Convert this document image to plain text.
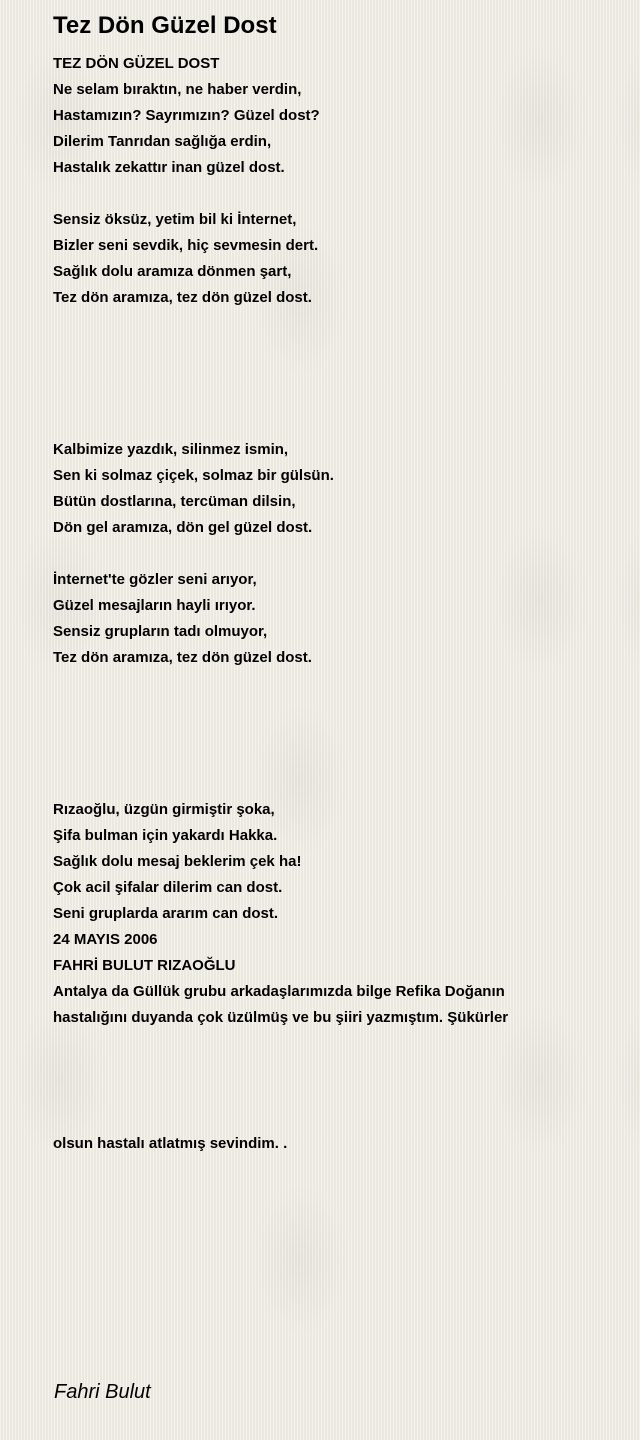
Tez Dön Güzel Dost
TEZ DÖN GÜZEL DOST
Ne selam bıraktın, ne haber verdin,
Hastamızın? Sayrımızın? Güzel dost?
Dilerim Tanrıdan sağlığa erdin,
Hastalık zekattır inan güzel dost.
Sensiz öksüz, yetim bil ki İnternet,
Bizler seni sevdik, hiç sevmesin dert.
Sağlık dolu aramıza dönmen şart,
Tez dön aramıza, tez dön güzel dost.
Kalbimize yazdık, silinmez ismin,
Sen ki solmaz çiçek, solmaz bir gülsün.
Bütün dostlarına, tercüman dilsin,
Dön gel aramıza, dön gel güzel dost.
İnternet'te gözler seni arıyor,
Güzel mesajların hayli ırıyor.
Sensiz grupların tadı olmuyor,
Tez dön aramıza, tez dön güzel dost.
Rızaoğlu, üzgün girmiştir şoka,
Şifa bulman için yakardı Hakka.
Sağlık dolu mesaj beklerim çek ha!
Çok acil şifalar dilerim can dost.
Seni gruplarda ararım can dost.
24 MAYIS 2006
FAHRİ BULUT RIZAOĞLU
Antalya da Güllük grubu arkadaşlarımızda bilge Refika Doğanın
hastalığını duyanda çok üzülmüş ve bu şiiri yazmıştım. Şükürler
olsun hastalı atlatmış sevindim. .
Fahri Bulut
